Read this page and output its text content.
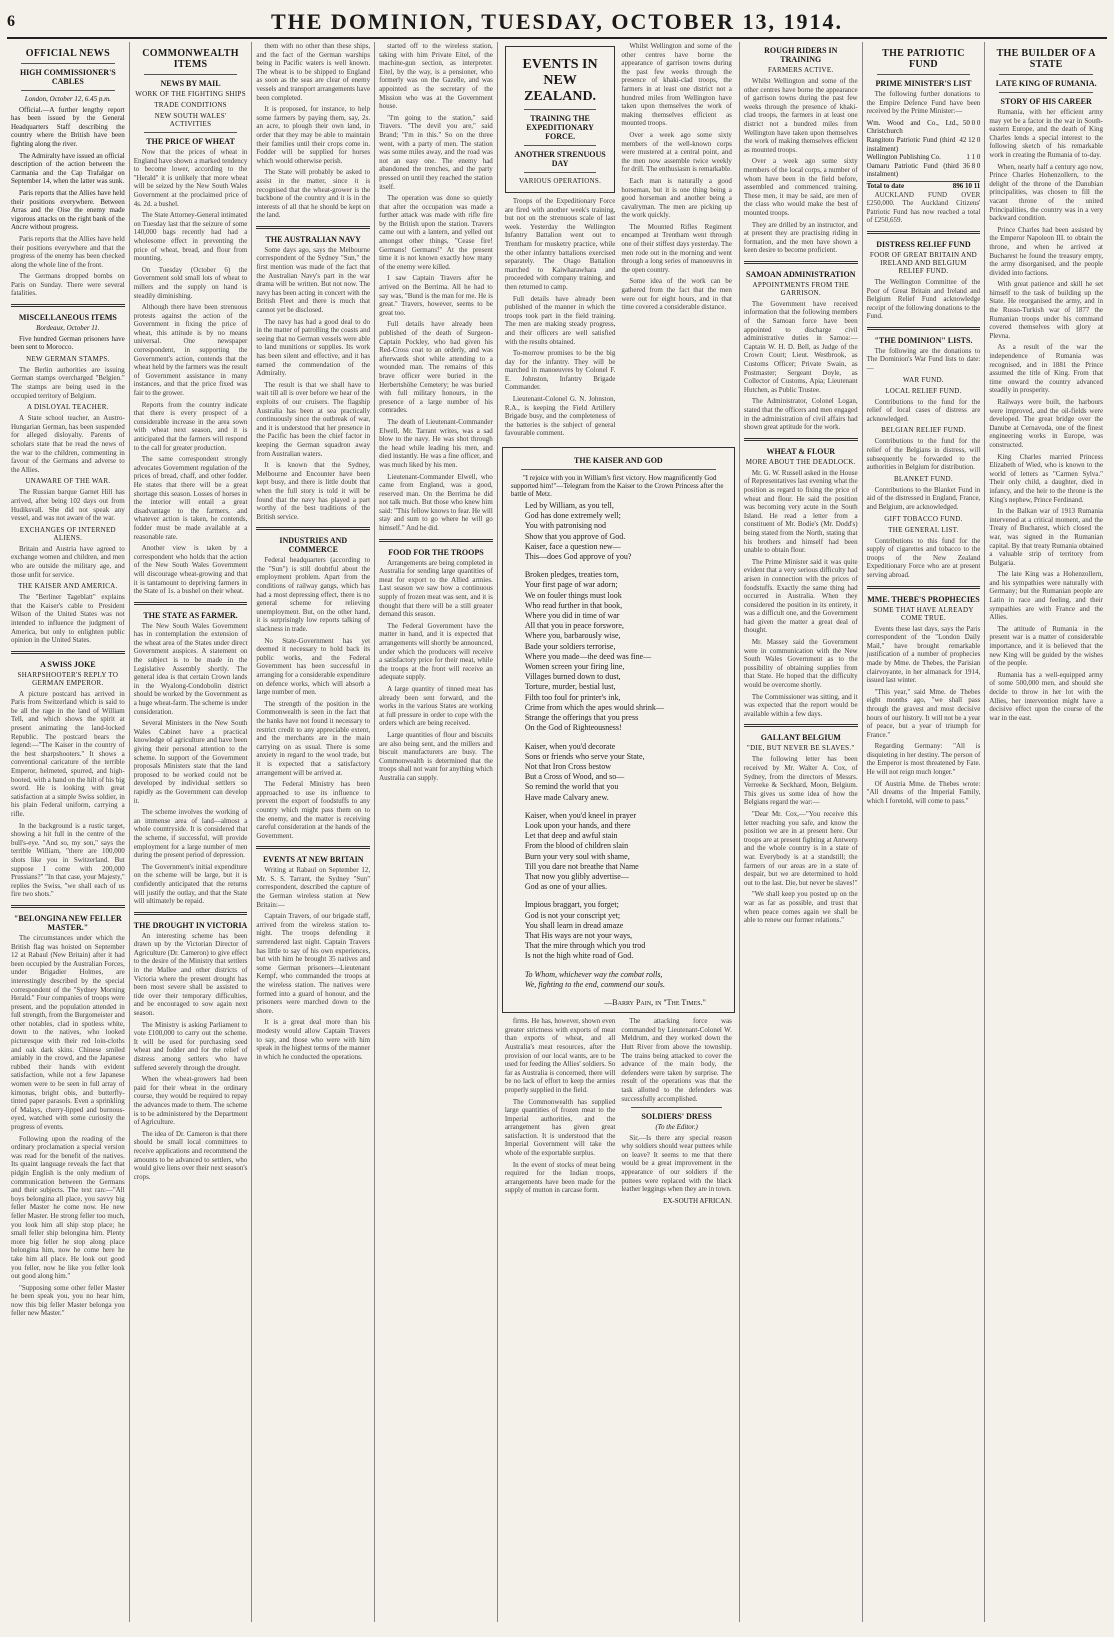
6	THE DOMINION, TUESDAY, OCTOBER 13, 1914.
OFFICIAL NEWS
HIGH COMMISSIONER'S CABLES
London, October 12, 6.45 p.m.

Official.—A further lengthy report has been issued by the General Headquarters Staff describing the country where the British have been fighting along the river.

The Admiralty have issued an official description of the action between the Carmania and the Cap Trafalgar on September 14, when the latter was sunk.

Paris reports that the Allies have held their positions everywhere. Between Arras and the Oise the enemy made vigorous attacks on the right bank of the Ancre without progress.

Paris reports that the Allies have held their positions everywhere and that the progress of the enemy has been checked along the whole line of the front.

The Germans dropped bombs on Paris on Sunday. There were several fatalities.

MISCELLANEOUS ITEMS
Bordeaux, October 11.

Five hundred German prisoners have been sent to Morocco.

NEW GERMAN STAMPS.

The Berlin authorities are issuing German stamps overcharged "Belgien." The stamps are being used in the occupied territory of Belgium.

A DISLOYAL TEACHER.

A State school teacher, an Austro-Hungarian German, has been suspended for alleged disloyalty. Parents of scholars state that he read the news of the war to the children, commenting in favour of the Germans and adverse to the Allies.

UNAWARE OF THE WAR.

The Russian barque Garnet Hill has arrived, after being 102 days out from Hudiksvall. She did not speak any vessel, and was not aware of the war.

EXCHANGES OF INTERNED ALIENS.

Britain and Austria have agreed to exchange women and children, and men who are outside the military age, and those unfit for service.

THE KAISER AND AMERICA.

The "Berliner Tageblatt" explains that the Kaiser's cable to President Wilson of the United States was not intended to influence the judgment of America, but only to enlighten public opinion in the United States.

A SWISS JOKE
SHARPSHOOTER'S REPLY TO GERMAN EMPEROR.

A picture postcard has arrived in Paris from Switzerland which is said to be all the rage in the land of William Tell, and which shows the spirit at present animating the land-locked Republic. The postcard bears the legend:—"The Kaiser in the country of the best sharpshooters." It shows a conventional caricature of the terrible Emperor, helmeted, spurred, and high-booted, with a hand on the hilt of his big sword. He is looking with great satisfaction at a simple Swiss soldier, in his plain Federal uniform, carrying a rifle.

In the background is a rustic target, showing a hit full in the centre of the bull's-eye. "And so, my son," says the terrible William, "there are 100,000 shots like you in Switzerland. But suppose I come with 200,000 Prussians?" "In that case, your Majesty," replies the Swiss, "we shall each of us fire two shots."

"BELONGINA NEW FELLER MASTER."

The circumstances under which the British flag was hoisted on September 12 at Rabaul (New Britain) after it had been occupied by the Australian Forces, under Brigadier Holmes, are interestingly described by the special correspondent of the "Sydney Morning Herald." Four companies of troops were present, and the population attended in full strength, from the Burgomeister and other notables, clad in spotless white, down to the natives, who looked picturesque with their red loin-cloths and oak dark skins. Chinese smiled amiably in the crowd, and the Japanese rubbed their hands with evident satisfaction, while not a few Japanese women were to be seen in full array of kimonas, bright obis, and butterfly-tinted paper parasols. Even a sprinkling of Malays, cherry-lipped and burnous-eyed, watched with some curiosity the progress of events.

Following upon the reading of the ordinary proclamation a special version was read for the benefit of the natives. Its quaint language reveals the fact that pidgin English is the only medium of communication between the Germans and their subjects. The text ran:—"All boys belongina all place, you savvy big feller Master he come now. He new feller Master. He strong feller too much, you look him all ship stop place; he small feller ship belongina him. Plenty more big feller he stop along place belongina him, now he come here he take him all place. He look out good you feller, now he like you feller look out good along him."

"Supposing some other feller Master he been speak you, you no hear him, now this big feller Master belonga you feller new Master."

COMMONWEALTH ITEMS
NEWS BY MAIL
WORK OF THE FIGHTING SHIPS
TRADE CONDITIONS
NEW SOUTH WALES' ACTIVITIES
THE PRICE OF WHEAT

Now that the prices of wheat in England have shown a marked tendency to become lower, according to the "Herald" it is unlikely that more wheat will be seized by the New South Wales Government at the proclaimed price of 4s. 2d. a bushel.

The State Attorney-General intimated on Tuesday last that the seizure of some 140,000 bags recently had had a wholesome effect in preventing the price of wheat, bread, and flour from mounting.

On Tuesday (October 6) the Government sold small lots of wheat to millers and the supply on hand is steadily diminishing.

Although there have been strenuous protests against the action of the Government in fixing the price of wheat, this attitude is by no means universal. One newspaper correspondent, in supporting the Government's action, contends that the wheat held by the farmers was the result of Government assistance in many instances, and that the price fixed was fair to the grower.

Reports from the country indicate that there is every prospect of a considerable increase in the area sown with wheat next season, and it is anticipated that the farmers will respond to the call for greater production.

The same correspondent strongly advocates Government regulation of the prices of bread, chaff, and other fodder. He states that there will be a great shortage this season. Losses of horses in the interior will entail a great disadvantage to the farmers, and whatever action is taken, he contends, fodder must be made available at a reasonable rate.

Another view is taken by a correspondent who holds that the action of the New South Wales Government will discourage wheat-growing and that it is tantamount to depriving farmers in the State of 1s. a bushel on their wheat.

THE STATE AS FARMER.

The New South Wales Government has in contemplation the extension of the wheat area of the States under direct Government auspices. A statement on the subject is to be made in the Legislative Assembly shortly. The general idea is that certain Crown lands in the Wyalong-Condobolin district should be worked by the Government as a huge wheat-farm. The scheme is under consideration.

Several Ministers in the New South Wales Cabinet have a practical knowledge of agriculture and have been giving their personal attention to the scheme. In support of the Government proposals Ministers state that the land proposed to be worked could not be developed by individual settlers so rapidly as the Government can develop it.

The scheme involves the working of an immense area of land—almost a whole countryside. It is considered that the scheme, if successful, will provide employment for a large number of men during the present period of depression.

The Government's initial expenditure on the scheme will be large, but it is confidently anticipated that the returns will justify the outlay, and that the State will ultimately be repaid.

THE DROUGHT IN VICTORIA

An interesting scheme has been drawn up by the Victorian Director of Agriculture (Dr. Cameron) to give effect to the desire of the Ministry that settlers in the Mallee and other districts of Victoria where the present drought has been most severe shall be assisted to tide over their temporary difficulties, and be encouraged to sow again next season.

The Ministry is asking Parliament to vote £100,000 to carry out the scheme. It will be used for purchasing seed wheat and fodder and for the relief of distress among settlers who have suffered severely through the drought.

When the wheat-growers had been paid for their wheat in the ordinary course, they would be required to repay the advances made to them. The scheme is to be administered by the Department of Agriculture.

The idea of Dr. Cameron is that there should be small local committees to receive applications and recommend the amounts to be advanced to settlers, who would give liens over their next season's crops.

them with no other than these ships, and the fact of the German warships being in Pacific waters is well known. The wheat is to be shipped to England as soon as the seas are clear of enemy vessels and transport arrangements have been completed.

It is proposed, for instance, to help some farmers by paying them, say, 2s. an acre, to plough their own land, in order that they may be able to maintain their families until their crops come in. Fodder will be supplied for horses which would otherwise perish.

The State will probably be asked to assist in the matter, since it is recognised that the wheat-grower is the backbone of the country and it is in the interests of all that he should be kept on the land.

THE AUSTRALIAN NAVY

Some days ago, says the Melbourne correspondent of the Sydney "Sun," the first mention was made of the fact that the Australian Navy's part in the war drama will be written. But not now. The navy has been acting in concert with the British Fleet and there is much that cannot yet be disclosed.

The navy has had a good deal to do in the matter of patrolling the coasts and seeing that no German vessels were able to land munitions or supplies. Its work has been silent and effective, and it has earned the commendation of the Admiralty.

The result is that we shall have to wait till all is over before we hear of the exploits of our cruisers. The flagship Australia has been at sea practically continuously since the outbreak of war, and it is understood that her presence in the Pacific has been the chief factor in keeping the German squadron away from Australian waters.

It is known that the Sydney, Melbourne and Encounter have been kept busy, and there is little doubt that when the full story is told it will be found that the navy has played a part worthy of the best traditions of the British service.

INDUSTRIES AND COMMERCE

Federal headquarters (according to the "Sun") is still doubtful about the employment problem. Apart from the conditions of railway gangs, which has had a most depressing effect, there is no general scheme for relieving unemployment. But, on the other hand, it is surprisingly low reports talking of slackness in trade.

No State-Government has yet deemed it necessary to hold back its public works, and the Federal Government has been successful in arranging for a considerable expenditure on defence works, which will absorb a large number of men.

The strength of the position in the Commonwealth is seen in the fact that the banks have not found it necessary to restrict credit to any appreciable extent, and the merchants are in the main carrying on as usual. There is some anxiety in regard to the wool trade, but it is expected that a satisfactory arrangement will be arrived at.

The Federal Ministry has been approached to use its influence to prevent the export of foodstuffs to any country which might pass them on to the enemy, and the matter is receiving careful consideration at the hands of the Government.

EVENTS AT NEW BRITAIN

Writing at Rabaul on September 12, Mr. S. S. Tarrant, the Sydney "Sun" correspondent, described the capture of the German wireless station at New Britain:—

Captain Travers, of our brigade staff, arrived from the wireless station to-night. The troops defending it surrendered last night. Captain Travers has little to say of his own experiences, but with him he brought 35 natives and some German prisoners—Lieutenant Kempf, who commanded the troops at the wireless station. The natives were formed into a guard of honour, and the prisoners were marched down to the shore.

It is a great deal more than his modesty would allow Captain Travers to say, and those who were with him speak in the highest terms of the manner in which he conducted the operations.

started off to the wireless station, taking with him Private Eitel, of the machine-gun section, as interpreter. Eitel, by the way, is a pensioner, who formerly was on the Gazelle, and was appointed as the secretary of the Mission who was at the Government house.

"I'm going to the station," said Travers. "The devil you are," said Brand; "I'm in this." So on the three went, with a party of men. The station was some miles away, and the road was not an easy one. The enemy had abandoned the trenches, and the party pressed on until they reached the station itself.

The operation was done so quietly that after the occupation was made a further attack was made with rifle fire by the British upon the station. Travers came out with a lantern, and yelled out amongst other things, "Cease fire! Germans! Germans!" At the present time it is not known exactly how many of the enemy were killed.

I saw Captain Travers after he arrived on the Berrima. All he had to say was, "Bund is the man for me. He is great." Travers, however, seems to be great too.

Full details have already been published of the death of Surgeon-Captain Pockley, who had given his Red-Cross coat to an orderly, and was afterwards shot while attending to a wounded man. The remains of this brave officer were buried in the Herbertshöhe Cemetery; he was buried with full military honours, in the presence of a large number of his comrades.

The death of Lieutenant-Commander Elwell, Mr. Tarrant writes, was a sad blow to the navy. He was shot through the head while leading his men, and died instantly. He was a fine officer, and was much liked by his men.

Lieutenant-Commander Elwell, who came from England, was a good, reserved man. On the Berrima he did not talk much. But those who knew him said: "This fellow knows to fear. He will stay and sum to go where he will go himself." And he did.

FOOD FOR THE TROOPS

Arrangements are being completed in Australia for sending large quantities of meat for export to the Allied armies. Last season we saw how a continuous supply of frozen meat was sent, and it is thought that there will be a still greater demand this season.

The Federal Government have the matter in hand, and it is expected that arrangements will shortly be announced, under which the producers will receive a satisfactory price for their meat, while the troops at the front will receive an adequate supply.

A large quantity of tinned meat has already been sent forward, and the works in the various States are working at full pressure in order to cope with the orders which are being received.

Large quantities of flour and biscuits are also being sent, and the millers and biscuit manufacturers are busy. The Commonwealth is determined that the troops shall not want for anything which Australia can supply.

EVENTS IN NEW ZEALAND.
TRAINING THE EXPEDITIONARY FORCE.
ANOTHER STRENUOUS DAY
VARIOUS OPERATIONS.

Troops of the Expeditionary Force are fired with another week's training, but not on the strenuous scale of last week. Yesterday the Wellington Infantry Battalion went out to Trentham for musketry practice, while the other infantry battalions exercised separately. The Otago Battalion marched to Kaiwharawhara and proceeded with company training, and then returned to camp.

Full details have already been published of the manner in which the troops took part in the field training. The men are making steady progress, and their officers are well satisfied with the results obtained.

To-morrow promises to be the big day for the infantry. They will be marched in manoeuvres by Colonel F. E. Johnston, Infantry Brigade Commander.

Lieutenant-Colonel G. N. Johnston, R.A., is keeping the Field Artillery Brigade busy, and the completeness of the batteries is the subject of general favourable comment.

Whilst Wellington and some of the other centres have borne the appearance of garrison towns during the past few weeks through the presence of khaki-clad troops, the farmers in at least one district not a hundred miles from Wellington have taken upon themselves the work of making themselves efficient as mounted troops.

Over a week ago some sixty members of the well-known corps were mustered at a central point, and the men now assemble twice weekly for drill. The enthusiasm is remarkable.

Each man is naturally a good horseman, but it is one thing being a good horseman and another being a cavalryman. The men are picking up the work quickly.

The Mounted Rifles Regiment encamped at Trentham went through one of their stiffest days yesterday. The men rode out in the morning and went through a long series of manoeuvres in the open country.

Some idea of the work can be gathered from the fact that the men were out for eight hours, and in that time covered a considerable distance.

THE KAISER AND GOD

"I rejoice with you in William's first victory. How magnificently God supported him!"—Telegram from the Kaiser to the Crown Princess after the battle of Metz.

Led by William, as you tell,
God has done extremely well;
You with patronising nod
Show that you approve of God.
Kaiser, face a question new—
This—does God approve of you?
Broken pledges, treaties torn,
Your first page of war adorn;
We on fouler things must look
Who read further in that book,
Where you did in time of war
All that you in peace forswore,
Where you, barbarously wise,
Bade your soldiers terrorise,
Where you made—the deed was fine—
Women screen your firing line,
Villages burned down to dust,
Torture, murder, bestial lust,
Filth too foul for printer's ink,
Crime from which the apes would shrink—
Strange the offerings that you press
On the God of Righteousness!
Kaiser, when you'd decorate
Sons or friends who serve your State,
Not that Iron Cross bestow
But a Cross of Wood, and so—
So remind the world that you
Have made Calvary anew.
Kaiser, when you'd kneel in prayer
Look upon your hands, and there
Let that deep and awful stain
From the blood of children slain
Burn your very soul with shame,
Till you dare not breathe that Name
That now you glibly advertise—
God as one of your allies.
Impious braggart, you forget;
God is not your conscript yet;
You shall learn in dread amaze
That His ways are not your ways,
That the mire through which you trod
Is not the high white road of God.
To Whom, whichever way the combat rolls,
We, fighting to the end, commend our souls.
—Barry Pain, in "The Times."

firms. He has, however, shown even greater strictness with exports of meat than exports of wheat, and all Australia's meat resources, after the provision of our local wants, are to be used for feeding the Allies' soldiers. So far as Australia is concerned, there will be no lack of effort to keep the armies properly supplied in the field.

The Commonwealth has supplied large quantities of frozen meat to the Imperial authorities, and the arrangement has given great satisfaction. It is understood that the Imperial Government will take the whole of the exportable surplus.

In the event of stocks of meat being required for the Indian troops, arrangements have been made for the supply of mutton in carcase form.

The attacking force was commanded by Lieutenant-Colonel W. Meldrum, and they worked down the Hutt River from above the township. The trains being attacked to cover the advance of the main body, the defenders were taken by surprise. The result of the operations was that the task allotted to the defenders was successfully accomplished.

SOLDIERS' DRESS
(To the Editor.)

Sir,—Is there any special reason why soldiers should wear puttees while on leave? It seems to me that there would be a great improvement in the appearance of our soldiers if the puttees were replaced with the black leather leggings when they are in town.

EX-SOUTH AFRICAN.
ROUGH RIDERS IN TRAINING
FARMERS ACTIVE.

Whilst Wellington and some of the other centres have borne the appearance of garrison towns during the past few weeks through the presence of khaki-clad troops, the farmers in at least one district not a hundred miles from Wellington have taken upon themselves the work of making themselves efficient as mounted troops.

Over a week ago some sixty members of the local corps, a number of whom have been in the field before, assembled and commenced training. These men, it may be said, are men of the class who would make the best of mounted troops.

They are drilled by an instructor, and at present they are practising riding in formation, and the men have shown a keen desire to become proficient.

SAMOAN ADMINISTRATION
APPOINTMENTS FROM THE GARRISON.

The Government have received information that the following members of the Samoan force have been appointed to discharge civil administrative duties in Samoa:—Captain W. H. D. Bell, as Judge of the Crown Court; Lieut. Westbrook, as Customs Officer; Private Swain, as Postmaster; Sergeant Doyle, as Collector of Customs, Apia; Lieutenant Hutchen, as Public Trustee.

The Administrator, Colonel Logan, stated that the officers and men engaged in the administration of civil affairs had shown great aptitude for the work.

WHEAT & FLOUR
MORE ABOUT THE DEADLOCK.

Mr. G. W. Russell asked in the House of Representatives last evening what the position as regard to fixing the price of wheat and flour. He said the position was becoming very acute in the South Island. He read a letter from a constituent of Mr. Bodie's (Mr. Dodd's) being stated from the North, stating that his brothers and himself had been unable to obtain flour.

The Prime Minister said it was quite evident that a very serious difficulty had arisen in connection with the prices of foodstuffs. Exactly the same thing had occurred in Australia. When they considered the position in its entirety, it was a difficult one, and the Government had given the matter a great deal of thought.

Mr. Massey said the Government were in communication with the New South Wales Government as to the possibility of obtaining supplies from that State. He hoped that the difficulty would be overcome shortly.

The Commissioner was sitting, and it was expected that the report would be available within a few days.

GALLANT BELGIUM
"DIE, BUT NEVER BE SLAVES."

The following letter has been received by Mr. Walter A. Cox, of Sydney, from the directors of Messrs. Verreeke & Seckhard, Moon, Belgium. This gives us some idea of how the Belgians regard the war:—

"Dear Mr. Cox,—"You receive this letter reaching you safe, and know the position we are in at present here. Our troops are at present fighting at Antwerp and the whole country is in a state of war. Everybody is at a standstill; the farmers of our areas are in a state of despair, but we are determined to hold out to the last. Die, but never be slaves!"

"We shall keep you posted up on the war as far as possible, and trust that when peace comes again we shall be able to renew our former relations."

THE PATRIOTIC FUND
PRIME MINISTER'S LIST

The following further donations to the Empire Defence Fund have been received by the Prime Minister:—

Wm. Wood and Co., Ltd., Christchurch
50 0 0
Rangitoto Patriotic Fund (third instalment)
42 12 0
Wellington Publishing Co.	1 1 0
Oamaru Patriotic Fund (third instalment)
36 8 0
Total to date	896 10 11

AUCKLAND FUND OVER £250,000. The Auckland Citizens' Patriotic Fund has now reached a total of £250,659.

DISTRESS RELIEF FUND
FOOR OF GREAT BRITAIN AND IRELAND AND BELGIUM RELIEF FUND.

The Wellington Committee of the Poor of Great Britain and Ireland and Belgium Relief Fund acknowledge receipt of the following donations to the Fund.

"THE DOMINION" LISTS.

The following are the donations to The Dominion's War Fund lists to date:—

WAR FUND.
LOCAL RELIEF FUND.

Contributions to the fund for the relief of local cases of distress are acknowledged.

BELGIAN RELIEF FUND.

Contributions to the fund for the relief of the Belgians in distress, will subsequently be forwarded to the authorities in Belgium for distribution.

BLANKET FUND.

Contributions to the Blanket Fund in aid of the distressed in England, France, and Belgium, are acknowledged.

GIFT TOBACCO FUND.
THE GENERAL LIST.

Contributions to this fund for the supply of cigarettes and tobacco to the troops of the New Zealand Expeditionary Force who are at present serving abroad.

MME. THEBE'S PROPHECIES
SOME THAT HAVE ALREADY COME TRUE.

Events these last days, says the Paris correspondent of the "London Daily Mail," have brought remarkable justification of a number of prophecies made by Mme. de Thebes, the Parisian clairvoyante, in her almanack for 1914, issued last winter.

"This year," said Mme. de Thebes eight months ago, "we shall pass through the gravest and most decisive hours of our history. It will not be a year of peace, but a year of triumph for France."

Regarding Germany: "All is disquieting in her destiny. The person of the Emperor is most threatened by Fate. He will not reign much longer."

Of Austria Mme. de Thebes wrote: "All dreams of the Imperial Family, which I foretold, will come to pass."

THE BUILDER OF A STATE
LATE KING OF RUMANIA.
STORY OF HIS CAREER

Rumania, with her efficient army may yet be a factor in the war in South-eastern Europe, and the death of King Charles lends a special interest to the following sketch of his remarkable work in creating the Rumania of to-day.

When, nearly half a century ago now, Prince Charles Hohenzollern, to the delight of the throne of the Danubian principalities, was chosen to fill the vacant throne of the united Principalities, the country was in a very backward condition.

Prince Charles had been assisted by the Emperor Napoleon III. to obtain the throne, and when he arrived at Bucharest he found the treasury empty, the army disorganised, and the people divided into factions.

With great patience and skill he set himself to the task of building up the State. He reorganised the army, and in the Russo-Turkish war of 1877 the Rumanian troops under his command covered themselves with glory at Plevna.

As a result of the war the independence of Rumania was recognised, and in 1881 the Prince assumed the title of King. From that time onward the country advanced steadily in prosperity.

Railways were built, the harbours were improved, and the oil-fields were developed. The great bridge over the Danube at Cernavoda, one of the finest engineering works in Europe, was constructed.

King Charles married Princess Elizabeth of Wied, who is known to the world of letters as "Carmen Sylva." Their only child, a daughter, died in infancy, and the heir to the throne is the King's nephew, Prince Ferdinand.

In the Balkan war of 1913 Rumania intervened at a critical moment, and the Treaty of Bucharest, which closed the war, was signed in the Rumanian capital. By that treaty Rumania obtained a valuable strip of territory from Bulgaria.

The late King was a Hohenzollern, and his sympathies were naturally with Germany; but the Rumanian people are Latin in race and feeling, and their sympathies are with France and the Allies.

The attitude of Rumania in the present war is a matter of considerable importance, and it is believed that the new King will be guided by the wishes of the people.

Rumania has a well-equipped army of some 500,000 men, and should she decide to throw in her lot with the Allies, her intervention might have a decisive effect upon the course of the war in the east.
